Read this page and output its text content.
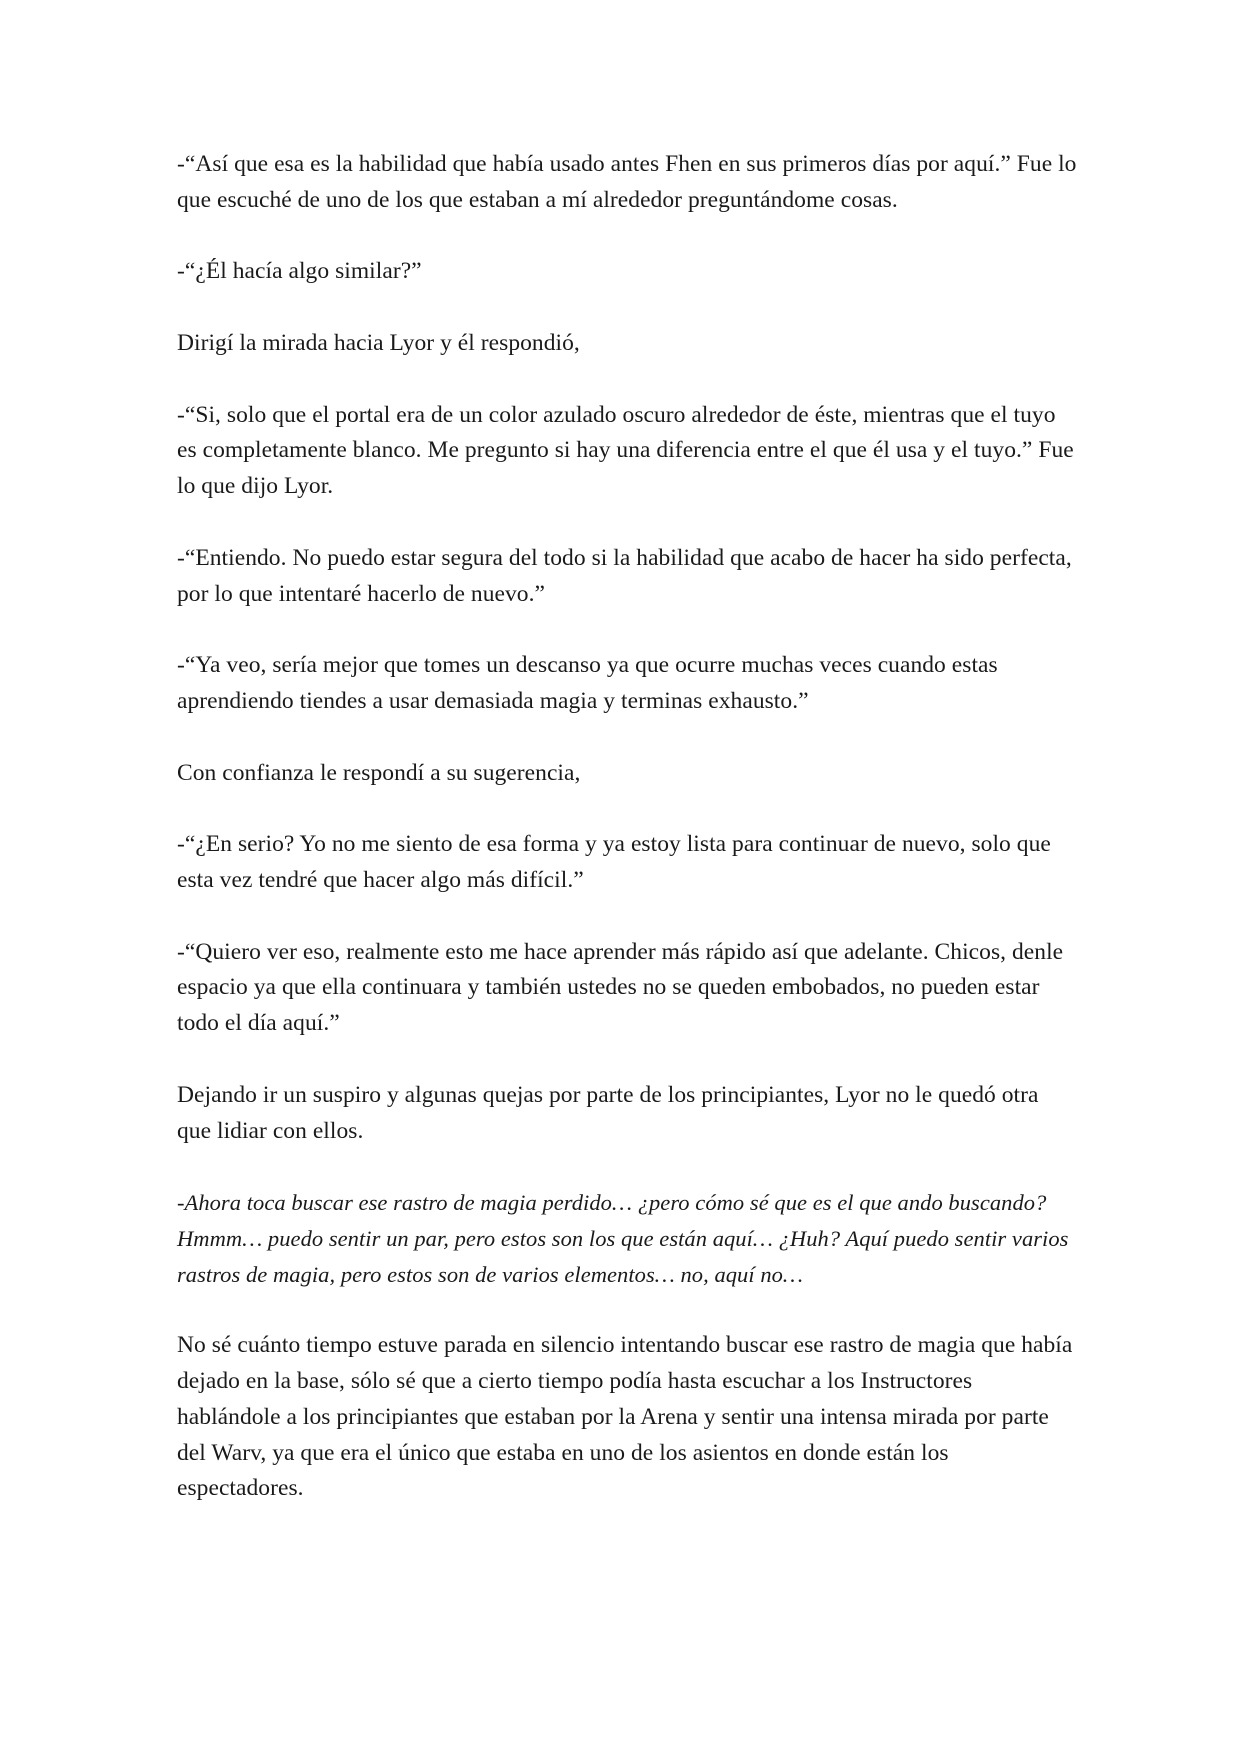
-“Así que esa es la habilidad que había usado antes Fhen en sus primeros días por aquí.” Fue lo que escuché de uno de los que estaban a mí alrededor preguntándome cosas.

-“¿Él hacía algo similar?”

Dirigí la mirada hacia Lyor y él respondió,

-“Si, solo que el portal era de un color azulado oscuro alrededor de éste, mientras que el tuyo es completamente blanco. Me pregunto si hay una diferencia entre el que él usa y el tuyo.” Fue lo que dijo Lyor.

-“Entiendo. No puedo estar segura del todo si la habilidad que acabo de hacer ha sido perfecta, por lo que intentaré hacerlo de nuevo.”

-“Ya veo, sería mejor que tomes un descanso ya que ocurre muchas veces cuando estas aprendiendo tiendes a usar demasiada magia y terminas exhausto.”

Con confianza le respondí a su sugerencia,

-“¿En serio? Yo no me siento de esa forma y ya estoy lista para continuar de nuevo, solo que esta vez tendré que hacer algo más difícil.”

-“Quiero ver eso, realmente esto me hace aprender más rápido así que adelante. Chicos, denle espacio ya que ella continuara y también ustedes no se queden embobados, no pueden estar todo el día aquí.”

Dejando ir un suspiro y algunas quejas por parte de los principiantes, Lyor no le quedó otra que lidiar con ellos.

-Ahora toca buscar ese rastro de magia perdido… ¿pero cómo sé que es el que ando buscando? Hmmm… puedo sentir un par, pero estos son los que están aquí… ¿Huh? Aquí puedo sentir varios rastros de magia, pero estos son de varios elementos… no, aquí no…

No sé cuánto tiempo estuve parada en silencio intentando buscar ese rastro de magia que había dejado en la base, sólo sé que a cierto tiempo podía hasta escuchar a los Instructores hablándole a los principiantes que estaban por la Arena y sentir una intensa mirada por parte del Warv, ya que era el único que estaba en uno de los asientos en donde están los espectadores.
